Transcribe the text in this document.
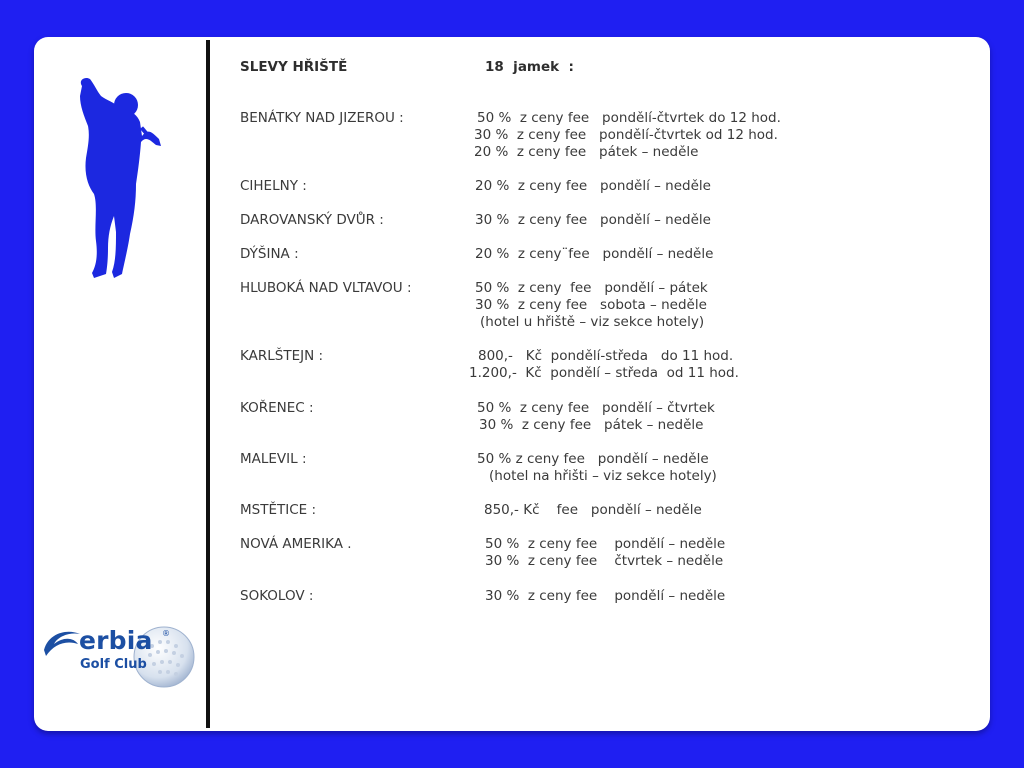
erbia ®
Golf Club
SLEVY HŘIŠTĚ	18  jamek  :
BENÁTKY NAD JIZEROU :	50 %  z ceny fee   pondělí-čtvrtek do 12 hod.
30 %  z ceny fee   pondělí-čtvrtek od 12 hod.
20 %  z ceny fee   pátek – neděle
CIHELNY :	20 %  z ceny fee   pondělí – neděle
DAROVANSKÝ DVŮR :	30 %  z ceny fee   pondělí – neděle
DÝŠINA :	20 %  z ceny¨fee   pondělí – neděle
HLUBOKÁ NAD VLTAVOU :	50 %  z ceny  fee   pondělí – pátek
30 %  z ceny fee   sobota – neděle
(hotel u hřiště – viz sekce hotely)
KARLŠTEJN :	800,-   Kč  pondělí-středa   do 11 hod.
1.200,-  Kč  pondělí – středa  od 11 hod.
KOŘENEC :	50 %  z ceny fee   pondělí – čtvrtek
30 %  z ceny fee   pátek – neděle
MALEVIL :	50 % z ceny fee   pondělí – neděle
(hotel na hřišti – viz sekce hotely)
MSTĚTICE :	850,- Kč    fee   pondělí – neděle
NOVÁ AMERIKA .	50 %  z ceny fee    pondělí – neděle
30 %  z ceny fee    čtvrtek – neděle
SOKOLOV :	30 %  z ceny fee    pondělí – neděle
